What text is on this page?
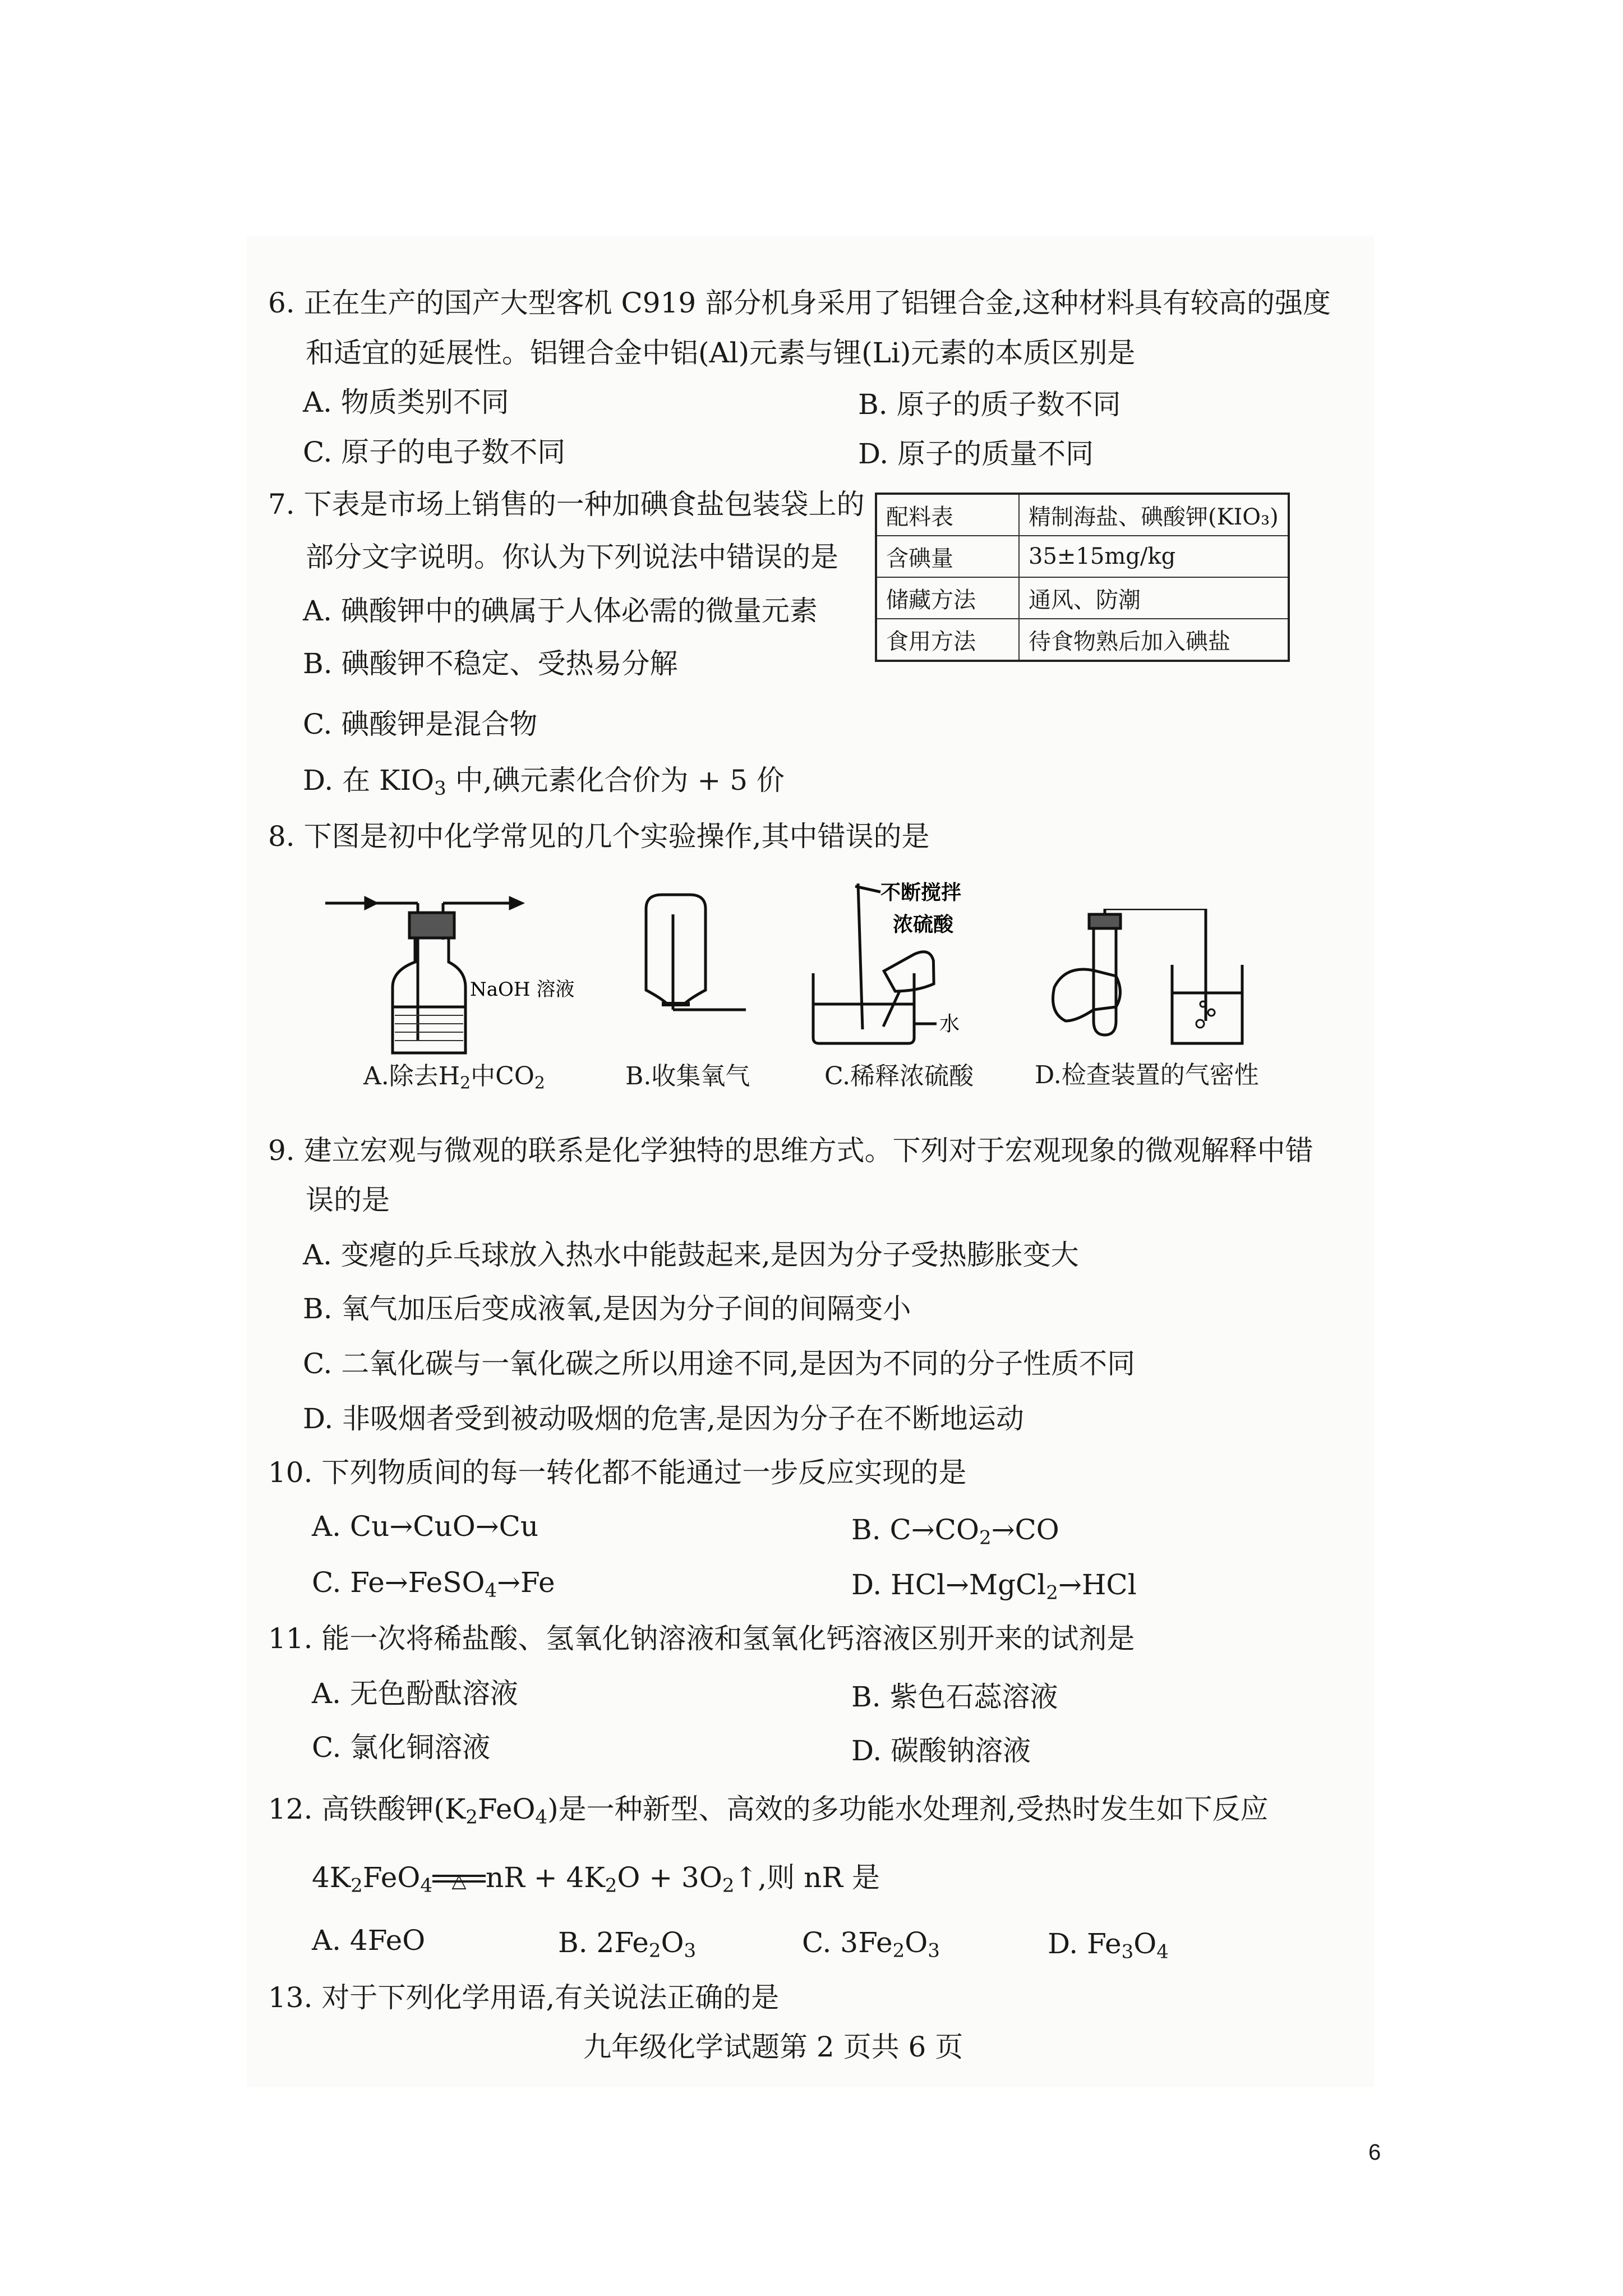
6. 正在生产的国产大型客机 C919 部分机身采用了铝锂合金,这种材料具有较高的强度
和适宜的延展性。铝锂合金中铝(Al)元素与锂(Li)元素的本质区别是
A. 物质类别不同	B. 原子的质子数不同
C. 原子的电子数不同	D. 原子的质量不同
7. 下表是市场上销售的一种加碘食盐包装袋上的
部分文字说明。你认为下列说法中错误的是
A. 碘酸钾中的碘属于人体必需的微量元素
B. 碘酸钾不稳定、受热易分解
C. 碘酸钾是混合物
D. 在 $KIO_3$ 中,碘元素化合价为 + 5 价
配料表	精制海盐、碘酸钾(KIO₃)
含碘量	35±15mg/kg
储藏方法	通风、防潮
食用方法	待食物熟后加入碘盐
8. 下图是初中化学常见的几个实验操作,其中错误的是
NaOH 溶液
不断搅拌
浓硫酸
水
A.除去$H_2$中$CO_2$	B.收集氧气	C.稀释浓硫酸 D.检查装置的气密性
9. 建立宏观与微观的联系是化学独特的思维方式。下列对于宏观现象的微观解释中错
误的是
A. 变瘪的乒乓球放入热水中能鼓起来,是因为分子受热膨胀变大
B. 氧气加压后变成液氧,是因为分子间的间隔变小
C. 二氧化碳与一氧化碳之所以用途不同,是因为不同的分子性质不同
D. 非吸烟者受到被动吸烟的危害,是因为分子在不断地运动
10. 下列物质间的每一转化都不能通过一步反应实现的是
A. Cu→CuO→Cu	B. $C\to CO_2\to CO$
C. Fe→FeSO$_4$→Fe	D. HCl→MgCl$_2$→HCl
11. 能一次将稀盐酸、氢氧化钠溶液和氢氧化钙溶液区别开来的试剂是
A. 无色酚酞溶液	B. 紫色石蕊溶液
C. 氯化铜溶液	D. 碳酸钠溶液
12. 高铁酸钾$(K_2FeO_4)$是一种新型、高效的多功能水处理剂,受热时发生如下反应
$4K_2FeO_4$	△ nR + $4K_2O$ + $3O_2↑$,则 nR 是
A. 4FeO	B. $2Fe_2O_3$	C. $3Fe_2O_3$	D. $Fe_3O_4$
13. 对于下列化学用语,有关说法正确的是
九年级化学试题第 2 页共 6 页
6
